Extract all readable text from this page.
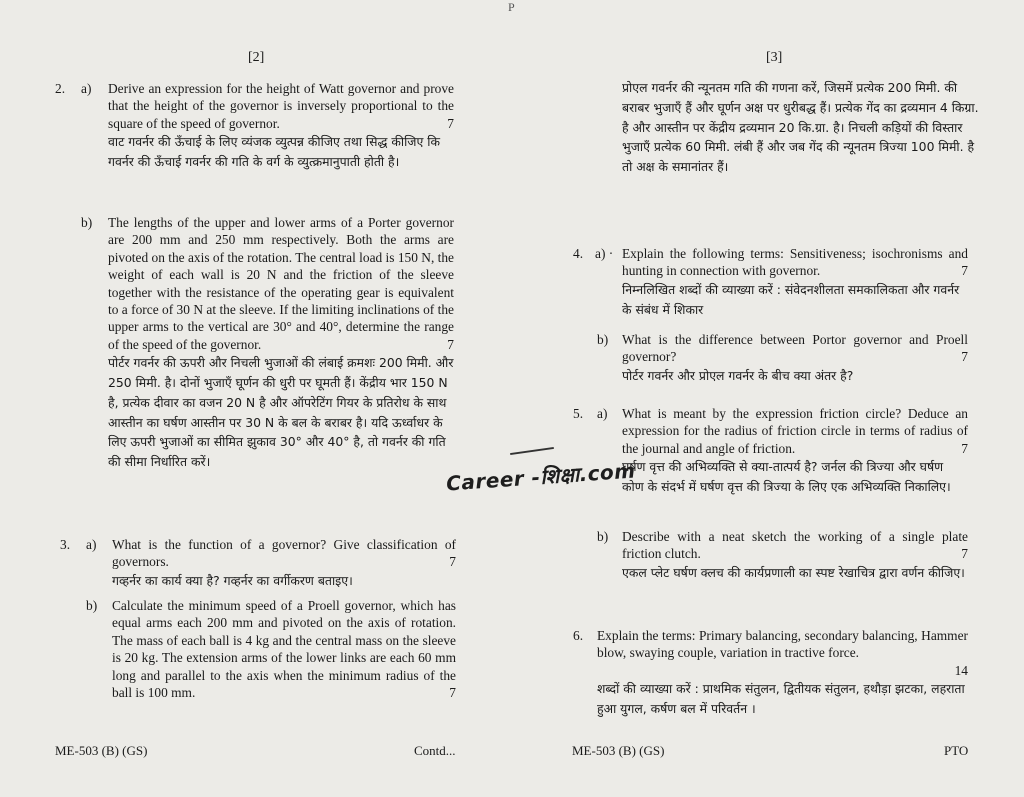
P
[2]
2. a) Derive an expression for the height of Watt governor and prove that the height of the governor is inversely proportional to the square of the speed of governor.	7
वाट गवर्नर की ऊँचाई के लिए व्यंजक व्युत्पन्न कीजिए तथा सिद्ध कीजिए कि गवर्नर की ऊँचाई गवर्नर की गति के वर्ग के व्युत्क्रमानुपाती होती है।
b) The lengths of the upper and lower arms of a Porter governor are 200 mm and 250 mm respectively. Both the arms are pivoted on the axis of the rotation. The central load is 150 N, the weight of each wall is 20 N and the friction of the sleeve together with the resistance of the operating gear is equivalent to a force of 30 N at the sleeve. If the limiting inclinations of the upper arms to the vertical are 30° and 40°, determine the range of the speed of the governor.	7
पोर्टर गवर्नर की ऊपरी और निचली भुजाओं की लंबाई क्रमशः 200 मिमी. और 250 मिमी. है। दोनों भुजाएँ घूर्णन की धुरी पर घूमती हैं। केंद्रीय भार 150 N है, प्रत्येक दीवार का वजन 20 N है और ऑपरेटिंग गियर के प्रतिरोध के साथ आस्तीन का घर्षण आस्तीन पर 30 N के बल के बराबर है। यदि ऊर्ध्वाधर के लिए ऊपरी भुजाओं का सीमित झुकाव 30° और 40° है, तो गवर्नर की गति की सीमा निर्धारित करें।
3. a) What is the function of a governor? Give classification of governors.	7
गव्हर्नर का कार्य क्या है? गव्हर्नर का वर्गीकरण बताइए।
b) Calculate the minimum speed of a Proell governor, which has equal arms each 200 mm and pivoted on the axis of rotation. The mass of each ball is 4 kg and the central mass on the sleeve is 20 kg. The extension arms of the lower links are each 60 mm long and parallel to the axis when the minimum radius of the ball is 100 mm.	7
ME-503 (B) (GS)	Contd...
[3]
प्रोएल गवर्नर की न्यूनतम गति की गणना करें, जिसमें प्रत्येक 200 मिमी. की बराबर भुजाएँ हैं और घूर्णन अक्ष पर धुरीबद्ध हैं। प्रत्येक गेंद का द्रव्यमान 4 किग्रा. है और आस्तीन पर केंद्रीय द्रव्यमान 20 कि.ग्रा. है। निचली कड़ियों की विस्तार भुजाएँ प्रत्येक 60 मिमी. लंबी हैं और जब गेंद की न्यूनतम त्रिज्या 100 मिमी. है तो अक्ष के समानांतर हैं।
4. a) · Explain the following terms: Sensitiveness; isochronisms and hunting in connection with governor.	7
निम्नलिखित शब्दों की व्याख्या करें : संवेदनशीलता समकालिकता और गवर्नर के संबंध में शिकार
b) What is the difference between Portor governor and Proell governor?	7
पोर्टर गवर्नर और प्रोएल गवर्नर के बीच क्या अंतर है?
5. a) What is meant by the expression friction circle? Deduce an expression for the radius of friction circle in terms of radius of the journal and angle of friction.	7
घर्षण वृत्त की अभिव्यक्ति से क्या-तात्पर्य है? जर्नल की त्रिज्या और घर्षण कोण के संदर्भ में घर्षण वृत्त की त्रिज्या के लिए एक अभिव्यक्ति निकालिए।
b) Describe with a neat sketch the working of a single plate friction clutch.	7
एकल प्लेट घर्षण क्लच की कार्यप्रणाली का स्पष्ट रेखाचित्र द्वारा वर्णन कीजिए।
6. Explain the terms: Primary balancing, secondary balancing, Hammer blow, swaying couple, variation in tractive force.
14
शब्दों की व्याख्या करें : प्राथमिक संतुलन, द्वितीयक संतुलन, हथौड़ा झटका, लहराता हुआ युगल, कर्षण बल में परिवर्तन ।
ME-503 (B) (GS)	PTO
Career -शिक्षा.com
